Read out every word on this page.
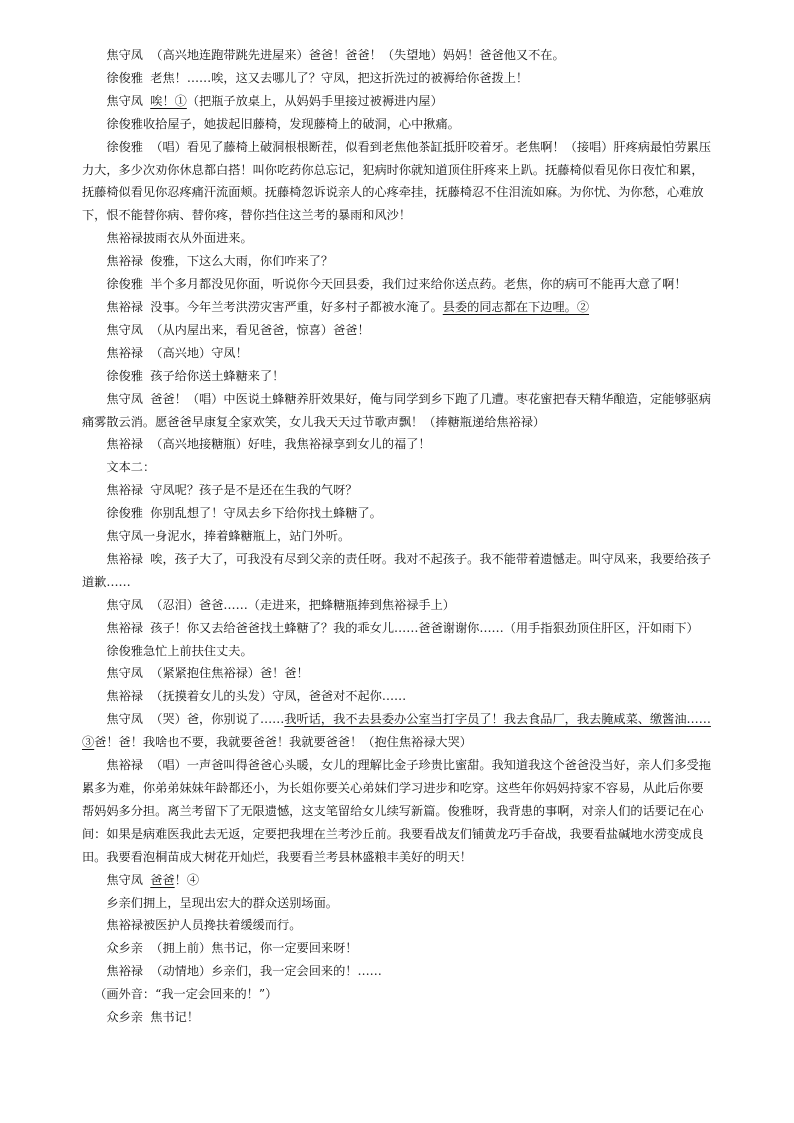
焦守凤 （高兴地连跑带跳先进屋来）爸爸！爸爸！（失望地）妈妈！爸爸他又不在。

徐俊雅 老焦！……唉，这又去哪儿了？守凤，把这折洗过的被褥给你爸拨上！

焦守凤 唉！①（把瓶子放桌上，从妈妈手里接过被褥进内屋）

徐俊雅收拾屋子，她拔起旧藤椅，发现藤椅上的破洞，心中揪痛。

徐俊雅 （唱）看见了藤椅上破洞根根断茬，似看到老焦他茶缸抵肝咬着牙。老焦啊！（接唱）肝疼病最怕劳累压力大，多少次劝你休息都白搭！叫你吃药你总忘记，犯病时你就知道顶住肝疼来上趴。抚藤椅似看见你日夜忙和累，抚藤椅似看见你忍疼痛汗流面颊。抚藤椅忽诉说亲人的心疼牵挂，抚藤椅忍不住泪流如麻。为你忧、为你愁，心难放下，恨不能替你病、替你疼，替你挡住这兰考的暴雨和风沙！

焦裕禄披雨衣从外面进来。

焦裕禄 俊雅，下这么大雨，你们咋来了？

徐俊雅 半个多月都没见你面，听说你今天回县委，我们过来给你送点药。老焦，你的病可不能再大意了啊！

焦裕禄 没事。今年兰考洪涝灾害严重，好多村子都被水淹了。县委的同志都在下边哩。②

焦守凤 （从内屋出来，看见爸爸，惊喜）爸爸！

焦裕禄 （高兴地）守凤！

徐俊雅 孩子给你送土蜂糖来了！

焦守凤 爸爸！（唱）中医说土蜂糖养肝效果好，俺与同学到乡下跑了几遭。枣花蜜把春天精华酿造，定能够驱病痛雾散云消。愿爸爸早康复全家欢笑，女儿我天天过节歌声飘！（捧糖瓶递给焦裕禄）

焦裕禄 （高兴地接糖瓶）好哇，我焦裕禄享到女儿的福了！

文本二：

焦裕禄 守凤呢？孩子是不是还在生我的气呀？

徐俊雅 你别乱想了！守凤去乡下给你找土蜂糖了。

焦守凤一身泥水，捧着蜂糖瓶上，站门外听。

焦裕禄 唉，孩子大了，可我没有尽到父亲的责任呀。我对不起孩子。我不能带着遗憾走。叫守凤来，我要给孩子道歉……

焦守凤 （忍泪）爸爸……（走进来，把蜂糖瓶捧到焦裕禄手上）

焦裕禄 孩子！你又去给爸爸找土蜂糖了？我的乖女儿……爸爸谢谢你……（用手指狠劲顶住肝区，汗如雨下）

徐俊雅急忙上前扶住丈夫。

焦守凤 （紧紧抱住焦裕禄）爸！爸！

焦裕禄 （抚摸着女儿的头发）守凤，爸爸对不起你……

焦守凤 （哭）爸，你别说了……我听话，我不去县委办公室当打字员了！我去食品厂，我去腌咸菜、缴酱油……③爸！爸！我啥也不要，我就要爸爸！我就要爸爸！（抱住焦裕禄大哭）

焦裕禄 （唱）一声爸叫得爸爸心头暖，女儿的理解比金子珍贵比蜜甜。我知道我这个爸爸没当好，亲人们多受拖累多为难，你弟弟妹妹年龄都还小，为长姐你要关心弟妹们学习进步和吃穿。这些年你妈妈持家不容易，从此后你要帮妈妈多分担。离兰考留下了无限遗憾，这支笔留给女儿续写新篇。俊雅呀，我背患的事啊，对亲人们的话要记在心间：如果是病难医我此去无返，定要把我埋在兰考沙丘前。我要看战友们铺黄龙巧手奋战，我要看盐碱地水涝变成良田。我要看泡桐苗成大树花开灿烂，我要看兰考县林盛粮丰美好的明天！

焦守凤 爸爸！④

乡亲们拥上，呈现出宏大的群众送别场面。

焦裕禄被医护人员搀扶着缓缓而行。

众乡亲 （拥上前）焦书记，你一定要回来呀！

焦裕禄 （动情地）乡亲们，我一定会回来的！……

（画外音：“我一定会回来的！”）

众乡亲 焦书记！
